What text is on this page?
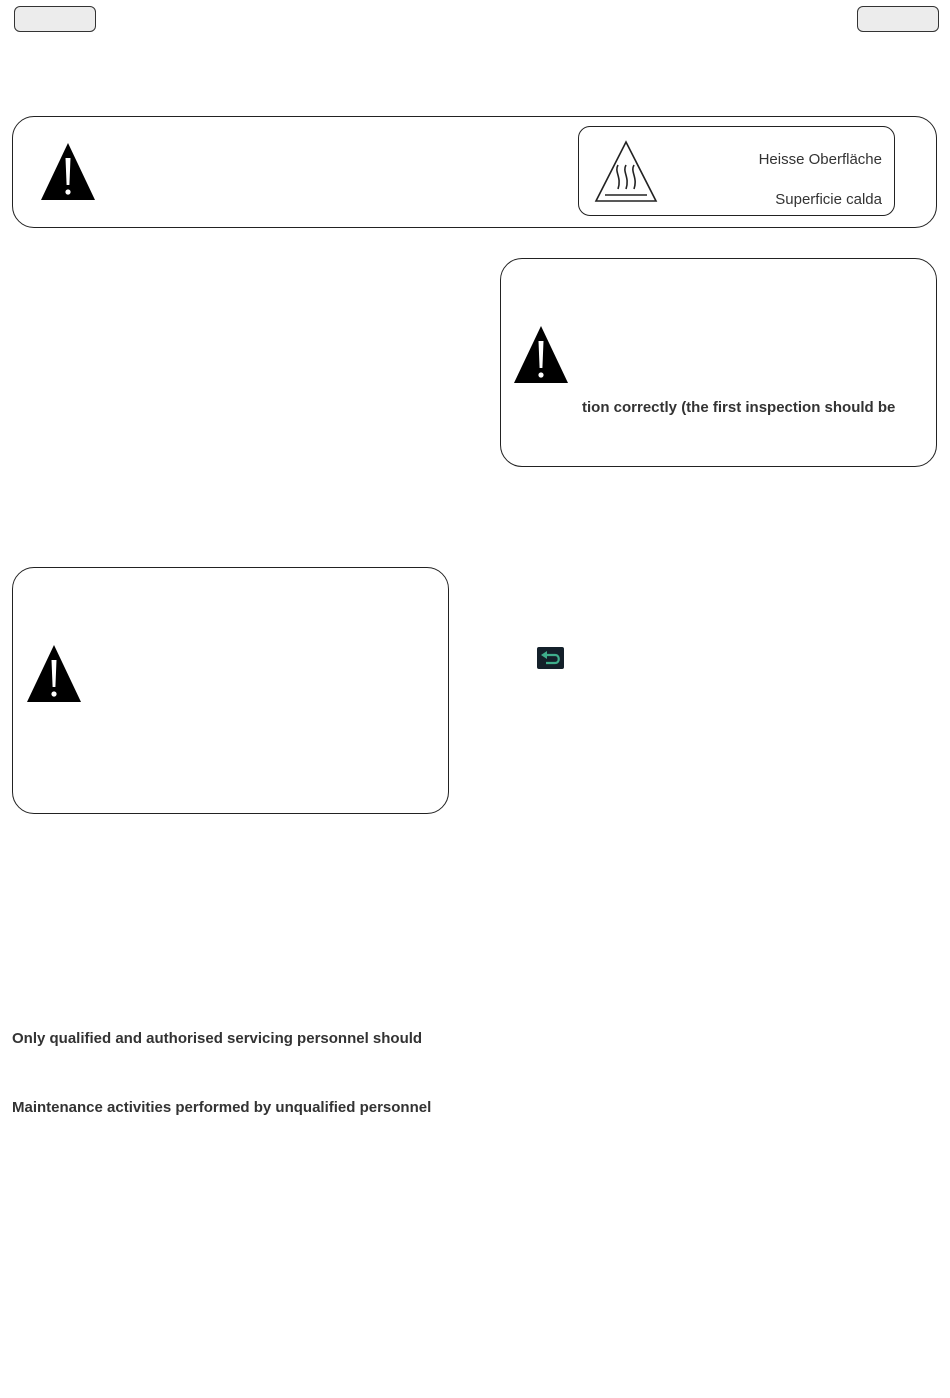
Heisse Oberfläche
Superficie calda
tion correctly (the first inspection should be
Only qualified and authorised servicing personnel should
Maintenance activities performed by unqualified personnel
